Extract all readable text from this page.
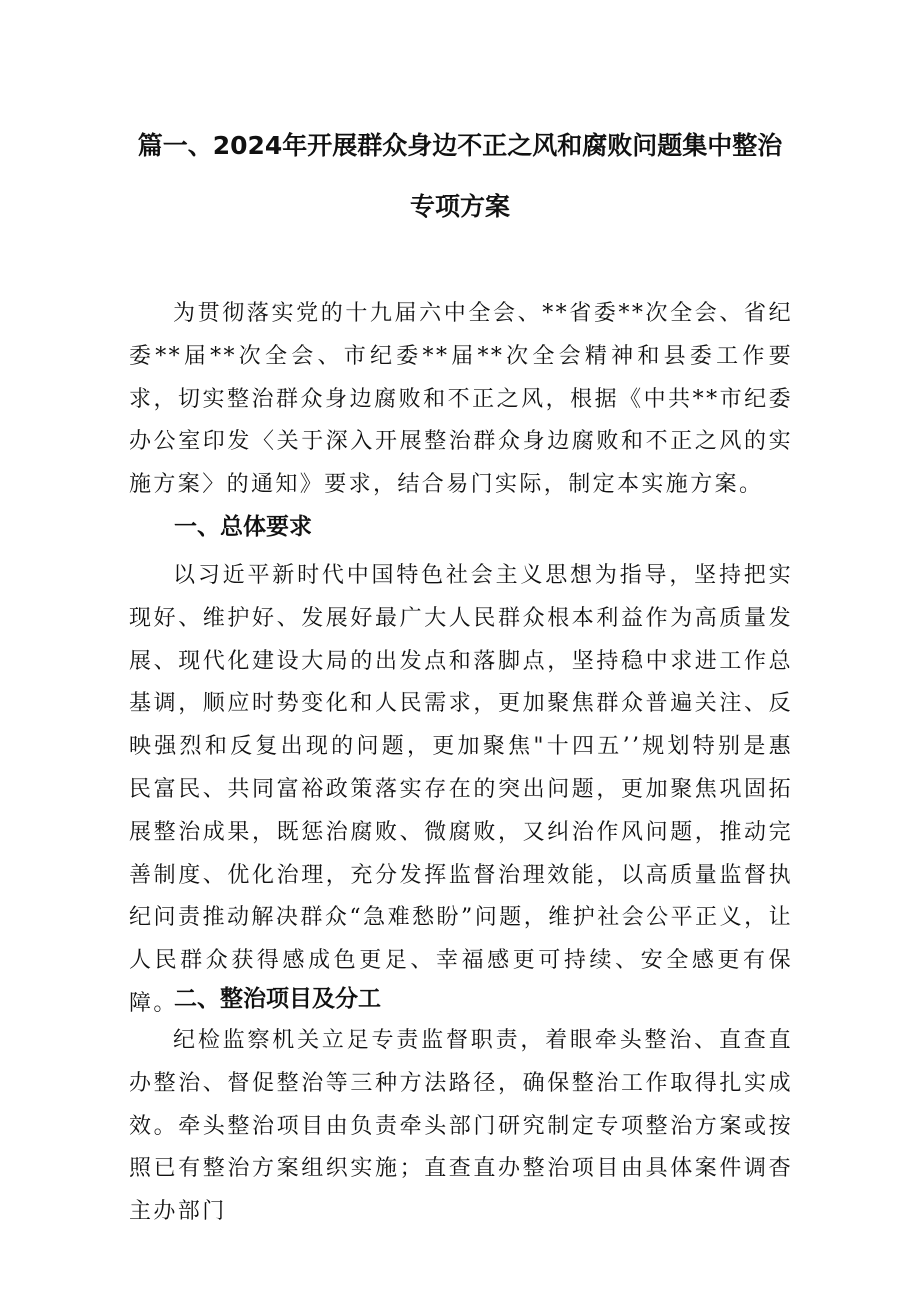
篇一、2024年开展群众身边不正之风和腐败问题集中整治
专项方案

为贯彻落实党的十九届六中全会、**省委**次全会、省纪委**届**次全会、市纪委**届**次全会精神和县委工作要求，切实整治群众身边腐败和不正之风，根据《中共**市纪委办公室印发〈关于深入开展整治群众身边腐败和不正之风的实施方案〉的通知》要求，结合易门实际，制定本实施方案。

一、总体要求

以习近平新时代中国特色社会主义思想为指导，坚持把实现好、维护好、发展好最广大人民群众根本利益作为高质量发展、现代化建设大局的出发点和落脚点，坚持稳中求进工作总基调，顺应时势变化和人民需求，更加聚焦群众普遍关注、反映强烈和反复出现的问题，更加聚焦"十四五’’规划特别是惠民富民、共同富裕政策落实存在的突出问题，更加聚焦巩固拓展整治成果，既惩治腐败、微腐败，又纠治作风问题，推动完善制度、优化治理，充分发挥监督治理效能，以高质量监督执纪问责推动解决群众“急难愁盼”问题，维护社会公平正义，让人民群众获得感成色更足、幸福感更可持续、安全感更有保障。

二、整治项目及分工

纪检监察机关立足专责监督职责，着眼牵头整治、直查直办整治、督促整治等三种方法路径，确保整治工作取得扎实成效。牵头整治项目由负责牵头部门研究制定专项整治方案或按照已有整治方案组织实施；直查直办整治项目由具体案件调杳主办部门
